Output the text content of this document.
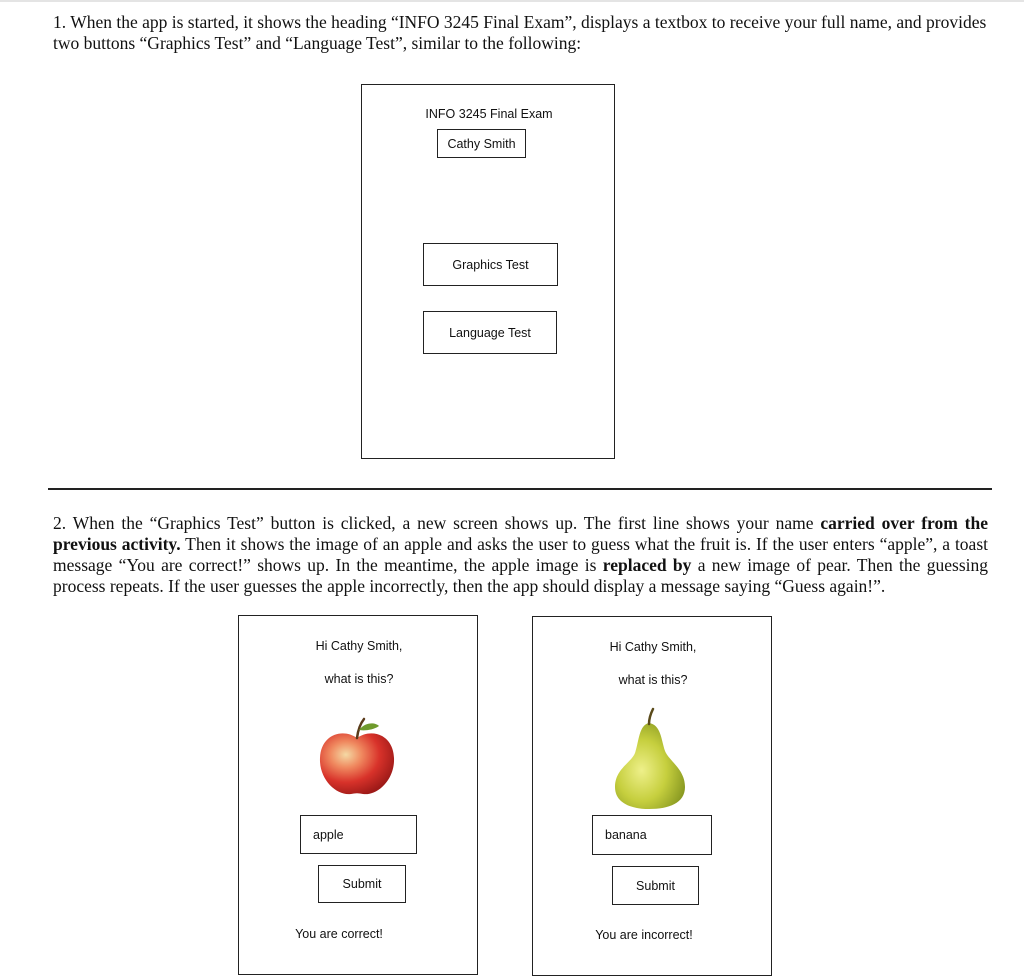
1. When the app is started, it shows the heading “INFO 3245 Final Exam”, displays a textbox to receive your full name, and provides two buttons “Graphics Test” and “Language Test”, similar to the following:

INFO 3245 Final Exam
Cathy Smith
Graphics Test
Language Test

2. When the “Graphics Test” button is clicked, a new screen shows up. The first line shows your name carried over from the previous activity. Then it shows the image of an apple and asks the user to guess what the fruit is. If the user enters “apple”, a toast message “You are correct!” shows up. In the meantime, the apple image is replaced by a new image of pear. Then the guessing process repeats. If the user guesses the apple incorrectly, then the app should display a message saying “Guess again!”.

Hi Cathy Smith,
what is this?
apple
Submit
You are correct!
Hi Cathy Smith,
what is this?
banana
Submit
You are incorrect!
